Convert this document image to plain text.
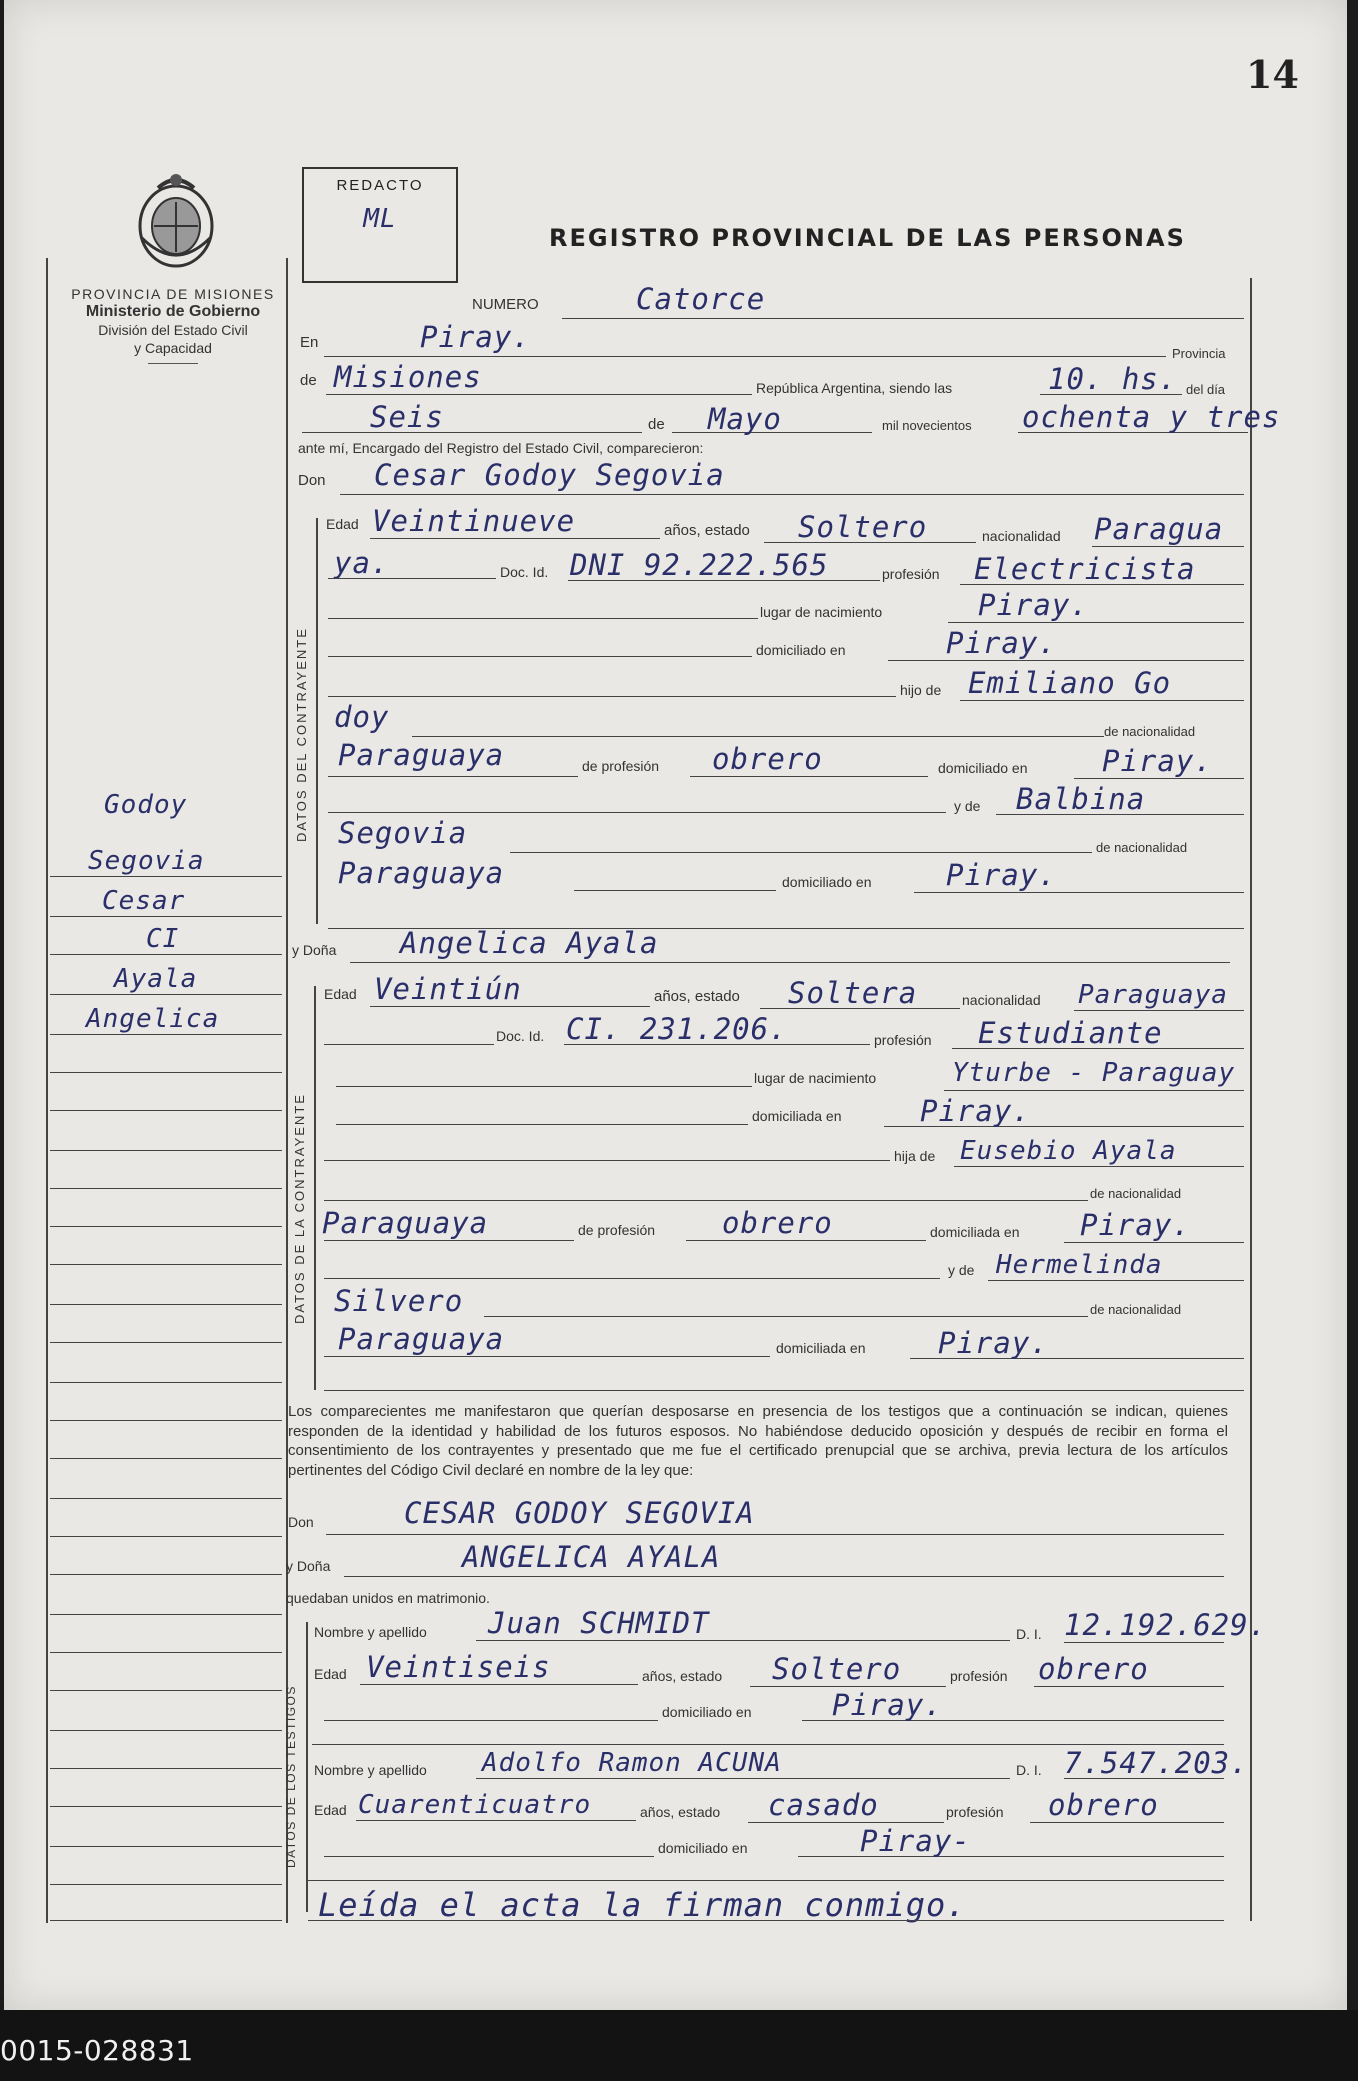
14
PROVINCIA DE MISIONES
Ministerio de Gobierno
División del Estado Civil
y Capacidad
REDACTO
ML
REGISTRO PROVINCIAL DE LAS PERSONAS
NUMERO	Catorce
En	Piray.	Provincia
de Misiones	República Argentina, siendo las	10. hs. del día
Seis	de Mayo	mil novecientos ochenta y tres
ante mí, Encargado del Registro del Estado Civil, comparecieron:
Don Cesar Godoy Segovia
Godoy
Segovia
Cesar
CI
Ayala
Angelica
DATOS DEL CONTRAYENTE
Edad Veintinueve	años, estado Soltero	nacionalidad Paragua
ya.	Doc. Id. DNI 92.222.565	profesión Electricista
lugar de nacimiento	Piray.
domiciliado en	Piray.
hijo de Emiliano Go
doy	de nacionalidad
Paraguaya	de profesión obrero	domiciliado en	Piray.
y de Balbina
Segovia	de nacionalidad
Paraguaya	domiciliado en	Piray.
y Doña Angelica Ayala
DATOS DE LA CONTRAYENTE
Edad Veintiún	años, estado Soltera	nacionalidad Paraguaya
Doc. Id. CI. 231.206.	profesión Estudiante
lugar de nacimiento	Yturbe - Paraguay
domiciliada en	Piray.
hija de Eusebio Ayala
de nacionalidad
Paraguaya	de profesión obrero	domiciliada en Piray.
y de Hermelinda
Silvero	de nacionalidad
Paraguaya	domiciliada en	Piray.
Los comparecientes me manifestaron que querían desposarse en presencia de los testigos que a continuación se indican, quienes responden de la identidad y habilidad de los futuros esposos. No habiéndose deducido oposición y después de recibir en forma el consentimiento de los contrayentes y presentado que me fue el certificado prenupcial que se archiva, previa lectura de los artículos pertinentes del Código Civil declaré en nombre de la ley que:
Don	CESAR GODOY SEGOVIA
y Doña	ANGELICA AYALA
quedaban unidos en matrimonio.
DATOS DE LOS TESTIGOS
Nombre y apellido Juan SCHMIDT	D. I. 12.192.629.
Edad Veintiseis	años, estado Soltero	profesión obrero
domiciliado en	Piray.
Nombre y apellido Adolfo Ramon ACUNA	D. I. 7.547.203.
Edad Cuarenticuatro	años, estado casado	profesión obrero
domiciliado en	Piray-
Leída el acta la firman conmigo.
0015-028831
